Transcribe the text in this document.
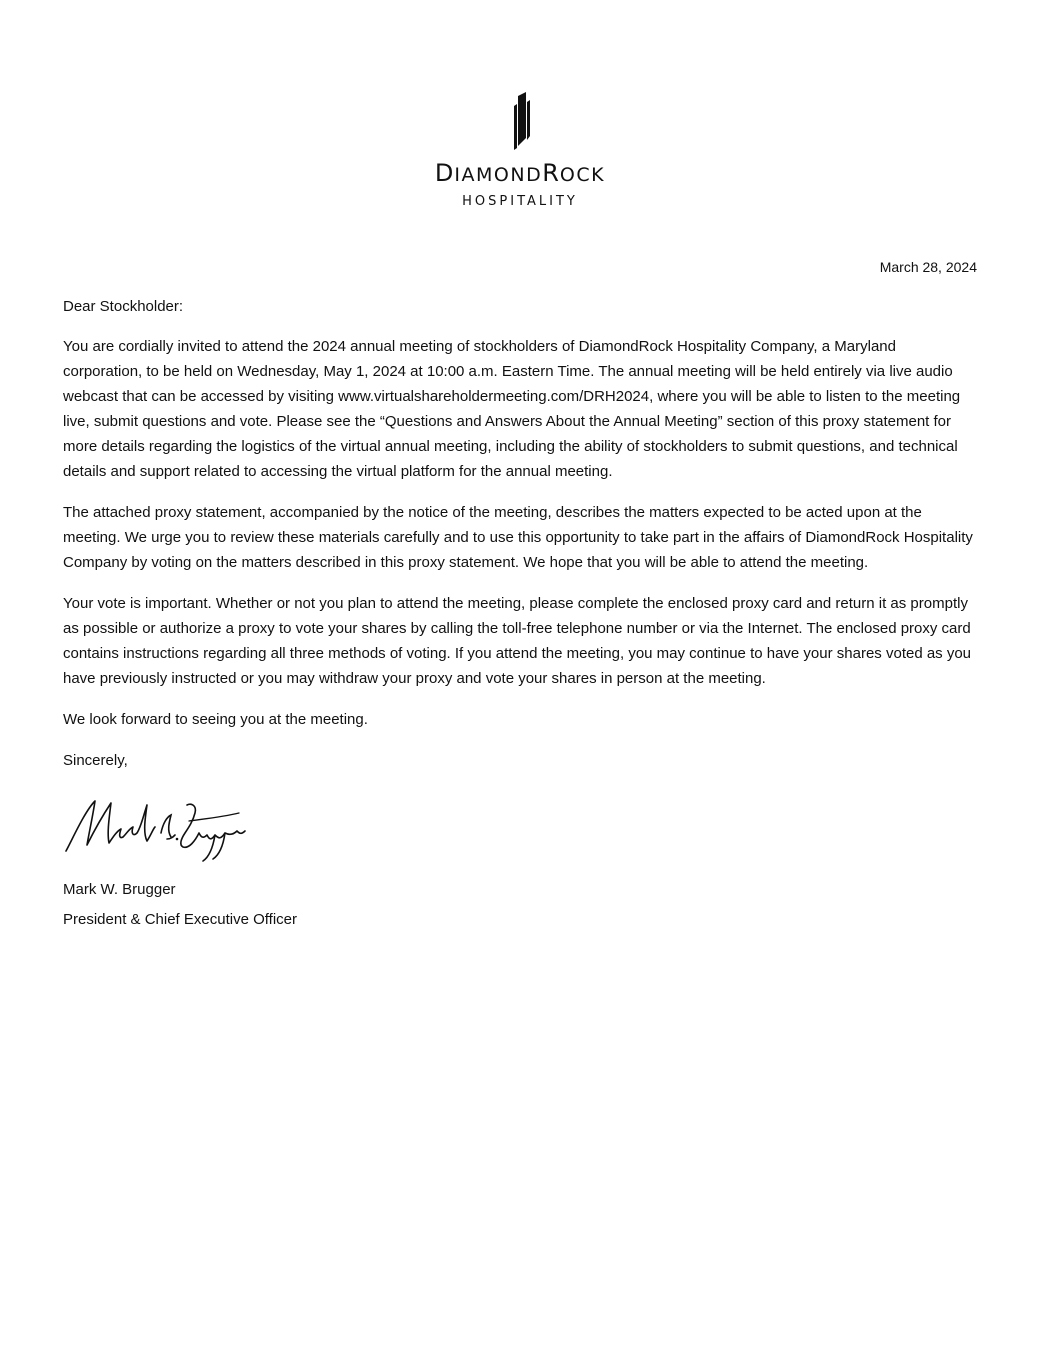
DIAMONDROCK
HOSPITALITY
March 28, 2024

Dear Stockholder:

You are cordially invited to attend the 2024 annual meeting of stockholders of DiamondRock Hospitality Company, a Maryland corporation, to be held on Wednesday, May 1, 2024 at 10:00 a.m. Eastern Time. The annual meeting will be held entirely via live audio webcast that can be accessed by visiting www.virtualshareholdermeeting.com/DRH2024, where you will be able to listen to the meeting live, submit questions and vote. Please see the “Questions and Answers About the Annual Meeting” section of this proxy statement for more details regarding the logistics of the virtual annual meeting, including the ability of stockholders to submit questions, and technical details and support related to accessing the virtual platform for the annual meeting.

The attached proxy statement, accompanied by the notice of the meeting, describes the matters expected to be acted upon at the meeting. We urge you to review these materials carefully and to use this opportunity to take part in the affairs of DiamondRock Hospitality Company by voting on the matters described in this proxy statement. We hope that you will be able to attend the meeting.

Your vote is important. Whether or not you plan to attend the meeting, please complete the enclosed proxy card and return it as promptly as possible or authorize a proxy to vote your shares by calling the toll-free telephone number or via the Internet. The enclosed proxy card contains instructions regarding all three methods of voting. If you attend the meeting, you may continue to have your shares voted as you have previously instructed or you may withdraw your proxy and vote your shares in person at the meeting.

We look forward to seeing you at the meeting.

Sincerely,

Mark W. Brugger
President & Chief Executive Officer
